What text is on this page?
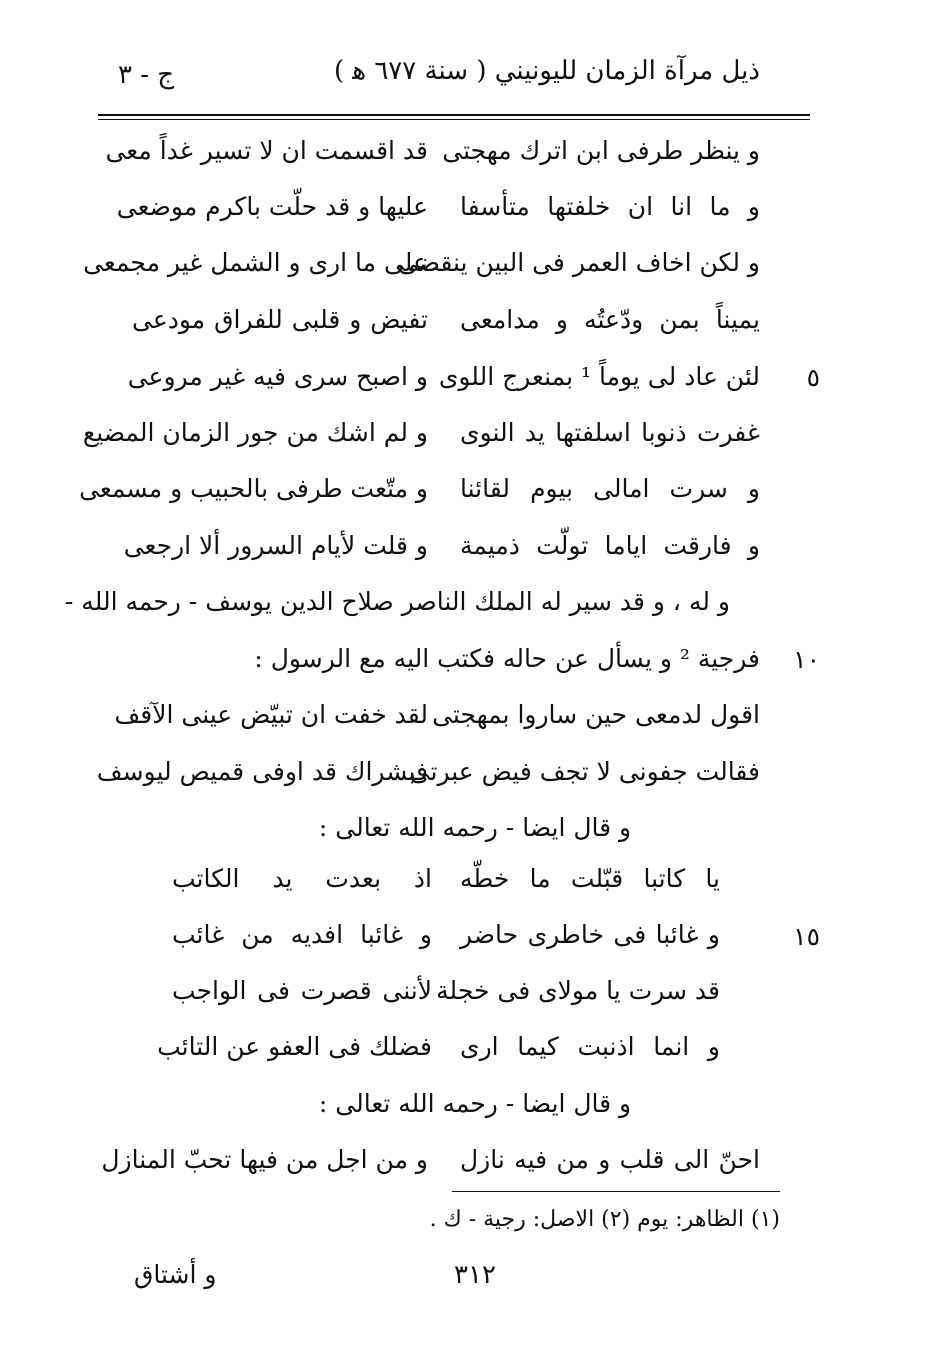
ذيل مرآة الزمان لليونيني ( سنة ٦٧٧ ﻫ )
ج - ٣
و ينظر طرفى ابن اترك مهجتى
قد اقسمت ان لا تسير غداً معى
و ما انا ان خلفتها متأسفا
عليها و قد حلّت باكرم موضعى
و لكن اخاف العمر فى البين ينقضى
على ما ارى و الشمل غير مجمعى
يميناً بمن ودّعتُه و مدامعى
تفيض و قلبى للفراق مودعى
٥
لئن عاد لى يوماً ¹ بمنعرج اللوى
و اصبح سرى فيه غير مروعى
غفرت ذنوبا اسلفتها يد النوى
و لم اشك من جور الزمان المضيع
و سرت امالى بيوم لقائنا
و متّعت طرفى بالحبيب و مسمعى
و فارقت اياما تولّت ذميمة
و قلت لأيام السرور ألا ارجعى
و له ، و قد سير له الملك الناصر صلاح الدين يوسف - رحمه الله -
١٠
فرجية ² و يسأل عن حاله فكتب اليه مع الرسول :
اقول لدمعى حين ساروا بمهجتى
لقد خفت ان تبيّض عينى الآقف
فقالت جفونى لا تجف فيض عبرتى
فبشراك قد اوفى قميص ليوسف
و قال ايضا - رحمه الله تعالى :
يا كاتبا قبّلت ما خطّه
اذ بعدت يد الكاتب
١٥
و غائبا فى خاطرى حاضر
و غائبا افديه من غائب
قد سرت يا مولاى فى خجلة
لأننى قصرت فى الواجب
و انما اذنبت كيما ارى
فضلك فى العفو عن التائب
و قال ايضا - رحمه الله تعالى :
احنّ الى قلب و من فيه نازل
و من اجل من فيها تحبّ المنازل
(١) الظاهر: يوم (٢) الاصل: رجية - ك .
٣١٢
و أشتاق
